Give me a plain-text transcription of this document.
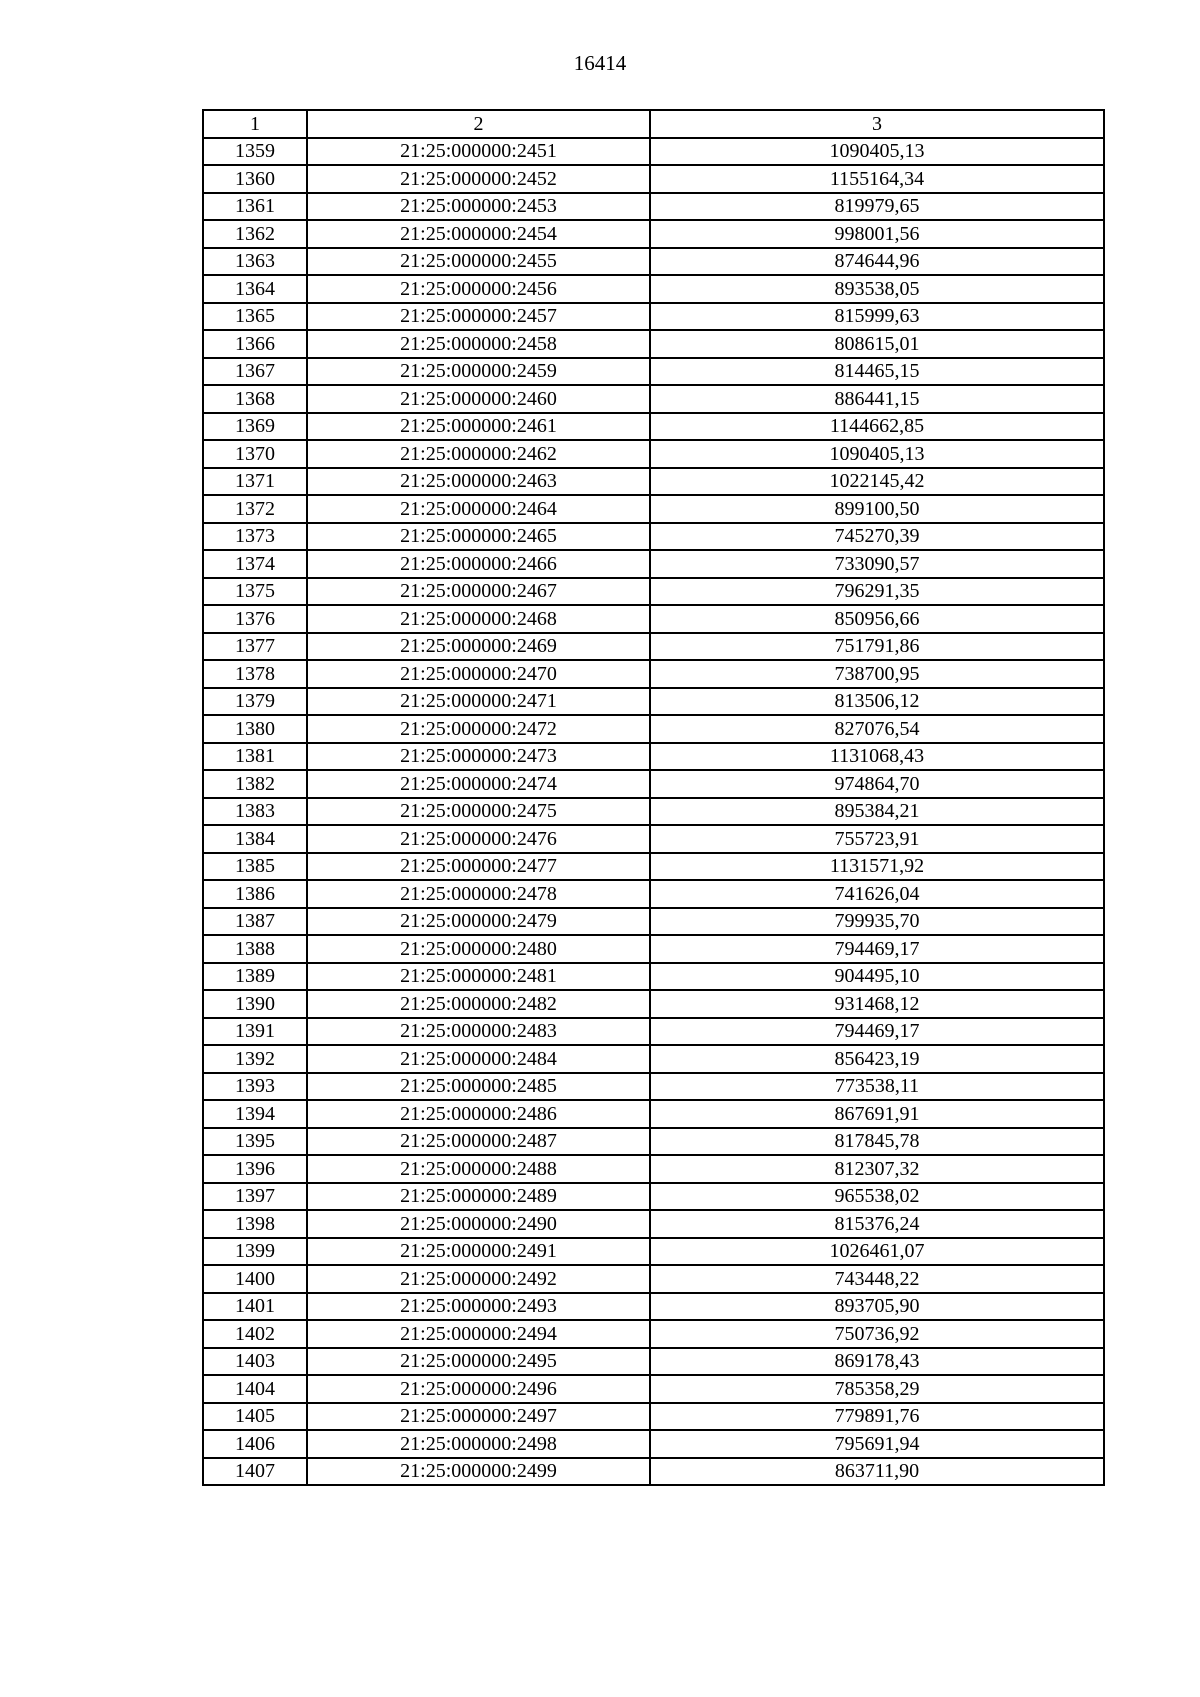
16414
1	2	3
1359	21:25:000000:2451	1090405,13
1360	21:25:000000:2452	1155164,34
1361	21:25:000000:2453	819979,65
1362	21:25:000000:2454	998001,56
1363	21:25:000000:2455	874644,96
1364	21:25:000000:2456	893538,05
1365	21:25:000000:2457	815999,63
1366	21:25:000000:2458	808615,01
1367	21:25:000000:2459	814465,15
1368	21:25:000000:2460	886441,15
1369	21:25:000000:2461	1144662,85
1370	21:25:000000:2462	1090405,13
1371	21:25:000000:2463	1022145,42
1372	21:25:000000:2464	899100,50
1373	21:25:000000:2465	745270,39
1374	21:25:000000:2466	733090,57
1375	21:25:000000:2467	796291,35
1376	21:25:000000:2468	850956,66
1377	21:25:000000:2469	751791,86
1378	21:25:000000:2470	738700,95
1379	21:25:000000:2471	813506,12
1380	21:25:000000:2472	827076,54
1381	21:25:000000:2473	1131068,43
1382	21:25:000000:2474	974864,70
1383	21:25:000000:2475	895384,21
1384	21:25:000000:2476	755723,91
1385	21:25:000000:2477	1131571,92
1386	21:25:000000:2478	741626,04
1387	21:25:000000:2479	799935,70
1388	21:25:000000:2480	794469,17
1389	21:25:000000:2481	904495,10
1390	21:25:000000:2482	931468,12
1391	21:25:000000:2483	794469,17
1392	21:25:000000:2484	856423,19
1393	21:25:000000:2485	773538,11
1394	21:25:000000:2486	867691,91
1395	21:25:000000:2487	817845,78
1396	21:25:000000:2488	812307,32
1397	21:25:000000:2489	965538,02
1398	21:25:000000:2490	815376,24
1399	21:25:000000:2491	1026461,07
1400	21:25:000000:2492	743448,22
1401	21:25:000000:2493	893705,90
1402	21:25:000000:2494	750736,92
1403	21:25:000000:2495	869178,43
1404	21:25:000000:2496	785358,29
1405	21:25:000000:2497	779891,76
1406	21:25:000000:2498	795691,94
1407	21:25:000000:2499	863711,90
